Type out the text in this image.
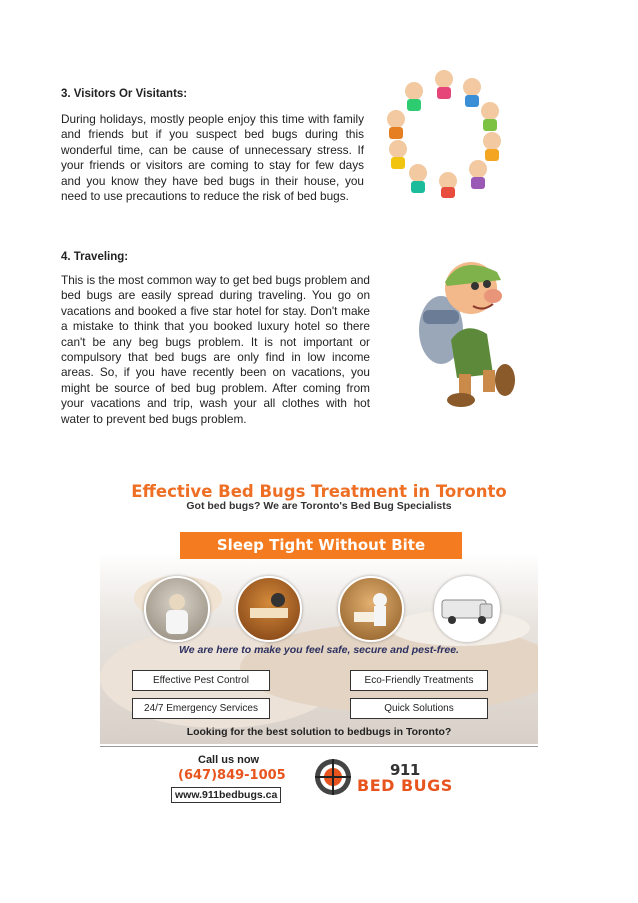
3. Visitors Or Visitants:

During holidays, mostly people enjoy this time with family and friends but if you suspect bed bugs during this wonderful time, can be cause of unnecessary stress. If your friends or visitors are coming to stay for few days and you know they have bed bugs in their house, you need to use precautions to reduce the risk of bed bugs.

4. Traveling:

This is the most common way to get bed bugs problem and bed bugs are easily spread during traveling. You go on vacations and booked a five star hotel for stay. Don't make a mistake to think that you booked luxury hotel so there can't be any beg bugs problem. It is not important or compulsory that bed bugs are only find in low income areas. So, if you have recently been on vacations, you might be source of bed bug problem. After coming from your vacations and trip, wash your all clothes with hot water to prevent bed bugs problem.

Effective Bed Bugs Treatment in Toronto
Got bed bugs? We are Toronto's Bed Bug Specialists
Sleep Tight Without Bite
We are here to make you feel safe, secure and pest-free.
Effective Pest Control	Eco-Friendly Treatments
24/7 Emergency Services	Quick Solutions
Looking for the best solution to bedbugs in Toronto?
Call us now
(647)849-1005
www.911bedbugs.ca
911
BED BUGS
